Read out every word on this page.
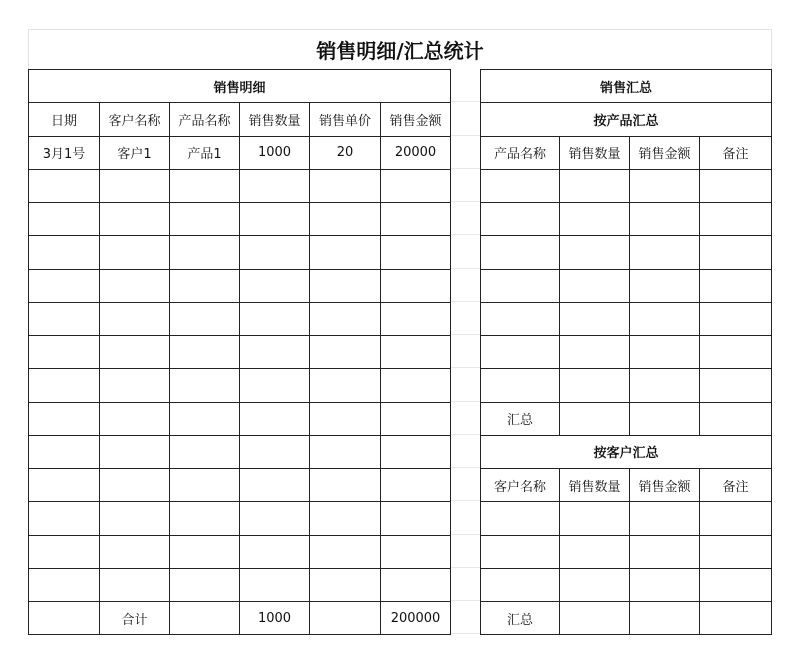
销售明细/汇总统计
销售明细					
日期	客户名称	产品名称	销售数量	销售单价	销售金额
3月1号	客户1	产品1	1000	20	20000

	合计		1000		200000
销售汇总			
按产品汇总			
产品名称	销售数量	销售金额	备注

汇总			
按客户汇总			
客户名称	销售数量	销售金额	备注

汇总			
